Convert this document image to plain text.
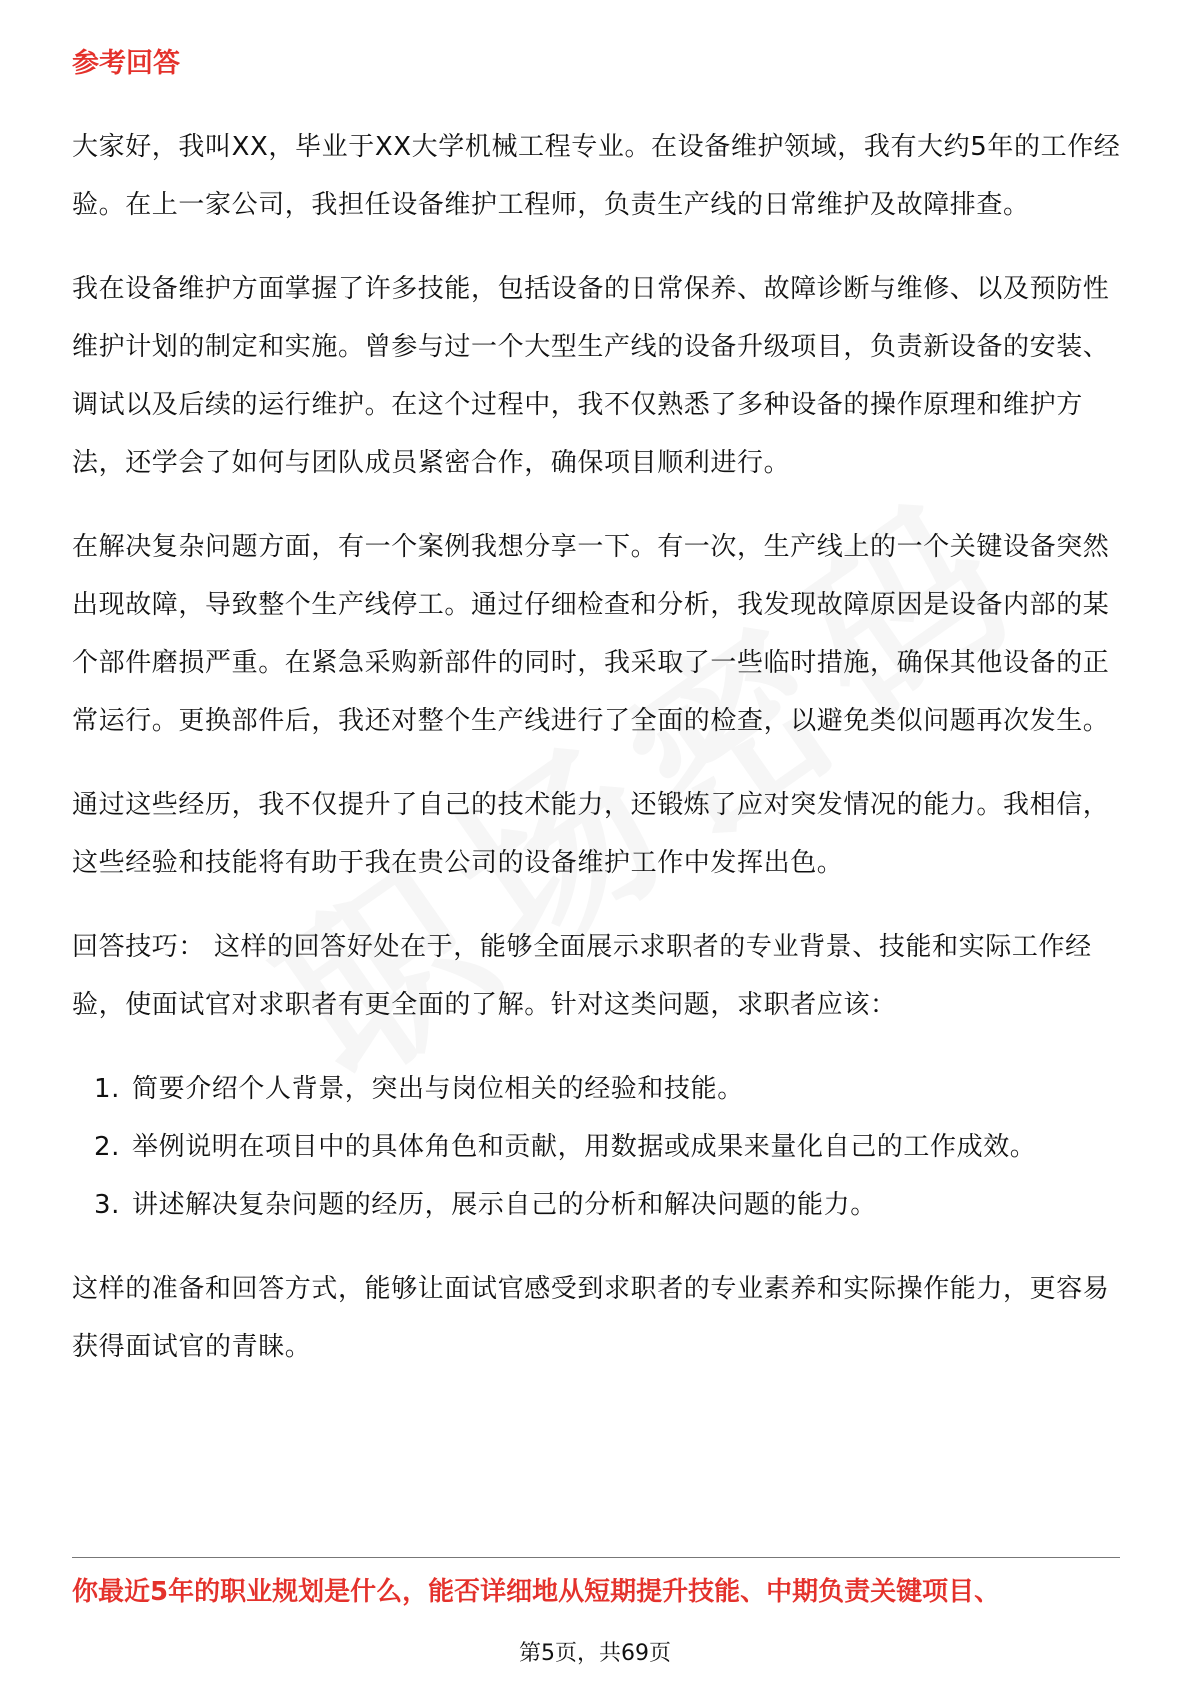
参考回答

大家好，我叫XX，毕业于XX大学机械工程专业。在设备维护领域，我有大约5年的工作经验。在上一家公司，我担任设备维护工程师，负责生产线的日常维护及故障排查。

我在设备维护方面掌握了许多技能，包括设备的日常保养、故障诊断与维修、以及预防性维护计划的制定和实施。曾参与过一个大型生产线的设备升级项目，负责新设备的安装、调试以及后续的运行维护。在这个过程中，我不仅熟悉了多种设备的操作原理和维护方法，还学会了如何与团队成员紧密合作，确保项目顺利进行。

在解决复杂问题方面，有一个案例我想分享一下。有一次，生产线上的一个关键设备突然出现故障，导致整个生产线停工。通过仔细检查和分析，我发现故障原因是设备内部的某个部件磨损严重。在紧急采购新部件的同时，我采取了一些临时措施，确保其他设备的正常运行。更换部件后，我还对整个生产线进行了全面的检查，以避免类似问题再次发生。

通过这些经历，我不仅提升了自己的技术能力，还锻炼了应对突发情况的能力。我相信，这些经验和技能将有助于我在贵公司的设备维护工作中发挥出色。

回答技巧： 这样的回答好处在于，能够全面展示求职者的专业背景、技能和实际工作经验，使面试官对求职者有更全面的了解。针对这类问题，求职者应该：

1. 简要介绍个人背景，突出与岗位相关的经验和技能。
2. 举例说明在项目中的具体角色和贡献，用数据或成果来量化自己的工作成效。
3. 讲述解决复杂问题的经历，展示自己的分析和解决问题的能力。

这样的准备和回答方式，能够让面试官感受到求职者的专业素养和实际操作能力，更容易获得面试官的青睐。

你最近5年的职业规划是什么，能否详细地从短期提升技能、中期负责关键项目、
第5页，共69页
